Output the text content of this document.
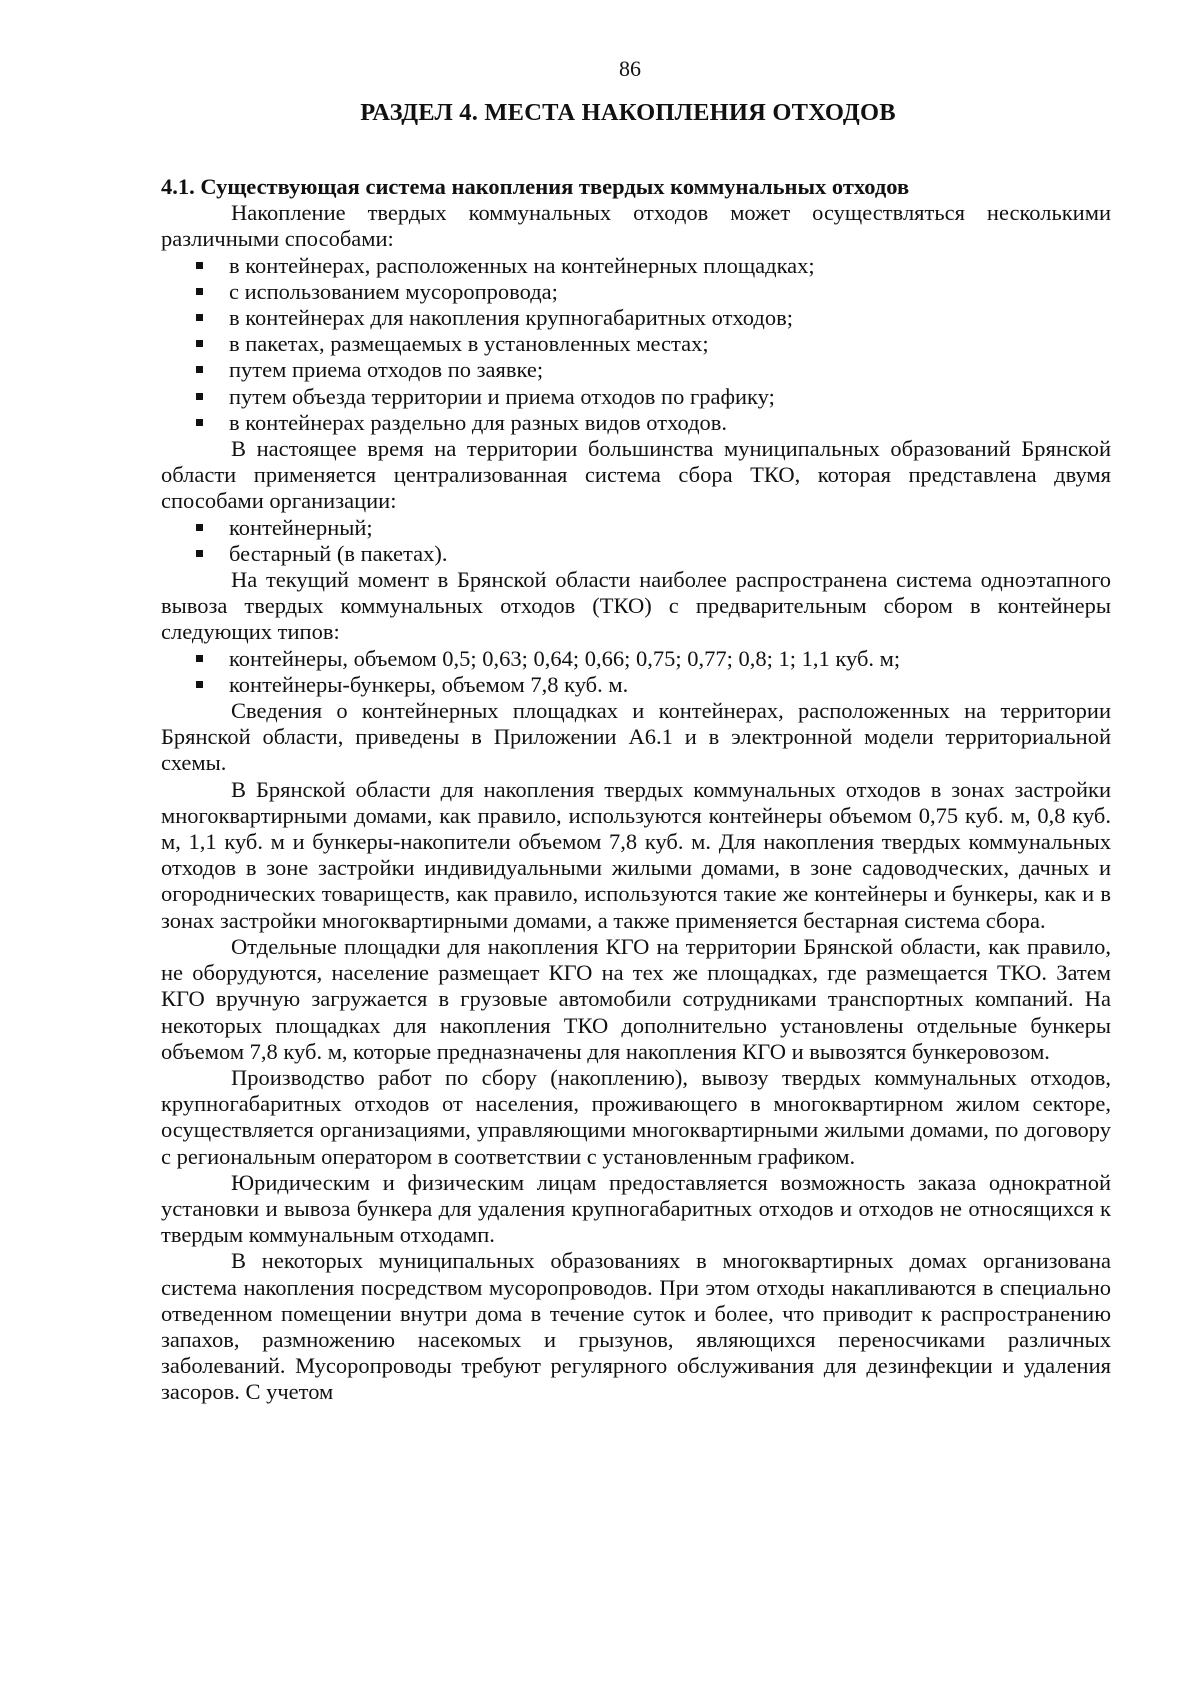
86
РАЗДЕЛ 4. МЕСТА НАКОПЛЕНИЯ ОТХОДОВ
4.1. Существующая система накопления твердых коммунальных отходов

Накопление твердых коммунальных отходов может осуществляться несколькими различными способами:

в контейнерах, расположенных на контейнерных площадках;
с использованием мусоропровода;
в контейнерах для накопления крупногабаритных отходов;
в пакетах, размещаемых в установленных местах;
путем приема отходов по заявке;
путем объезда территории и приема отходов по графику;
в контейнерах раздельно для разных видов отходов.

В настоящее время на территории большинства муниципальных образований Брянской области применяется централизованная система сбора ТКО, которая представлена двумя способами организации:

контейнерный;
бестарный (в пакетах).

На текущий момент в Брянской области наиболее распространена система одноэтапного вывоза твердых коммунальных отходов (ТКО) с предварительным сбором в контейнеры следующих типов:

контейнеры, объемом 0,5; 0,63; 0,64; 0,66; 0,75; 0,77; 0,8; 1; 1,1 куб. м;
контейнеры-бункеры, объемом 7,8 куб. м.

Сведения о контейнерных площадках и контейнерах, расположенных на территории Брянской области, приведены в Приложении А6.1 и в электронной модели территориальной схемы.

В Брянской области для накопления твердых коммунальных отходов в зонах застройки многоквартирными домами, как правило, используются контейнеры объемом 0,75 куб. м, 0,8 куб. м, 1,1 куб. м и бункеры-накопители объемом 7,8 куб. м. Для накопления твердых коммунальных отходов в зоне застройки индивидуальными жилыми домами, в зоне садоводческих, дачных и огороднических товариществ, как правило, используются такие же контейнеры и бункеры, как и в зонах застройки многоквартирными домами, а также применяется бестарная система сбора.

Отдельные площадки для накопления КГО на территории Брянской области, как правило, не оборудуются, население размещает КГО на тех же площадках, где размещается ТКО. Затем КГО вручную загружается в грузовые автомобили сотрудниками транспортных компаний. На некоторых площадках для накопления ТКО дополнительно установлены отдельные бункеры объемом 7,8 куб. м, которые предназначены для накопления КГО и вывозятся бункеровозом.

Производство работ по сбору (накоплению), вывозу твердых коммунальных отходов, крупногабаритных отходов от населения, проживающего в многоквартирном жилом секторе, осуществляется организациями, управляющими многоквартирными жилыми домами, по договору с региональным оператором в соответствии с установленным графиком.

Юридическим и физическим лицам предоставляется возможность заказа однократной установки и вывоза бункера для удаления крупногабаритных отходов и отходов не относящихся к твердым коммунальным отходамп.

В некоторых муниципальных образованиях в многоквартирных домах организована система накопления посредством мусоропроводов. При этом отходы накапливаются в специально отведенном помещении внутри дома в течение суток и более, что приводит к распространению запахов, размножению насекомых и грызунов, являющихся переносчиками различных заболеваний. Мусоропроводы требуют регулярного обслуживания для дезинфекции и удаления засоров. С учетом
